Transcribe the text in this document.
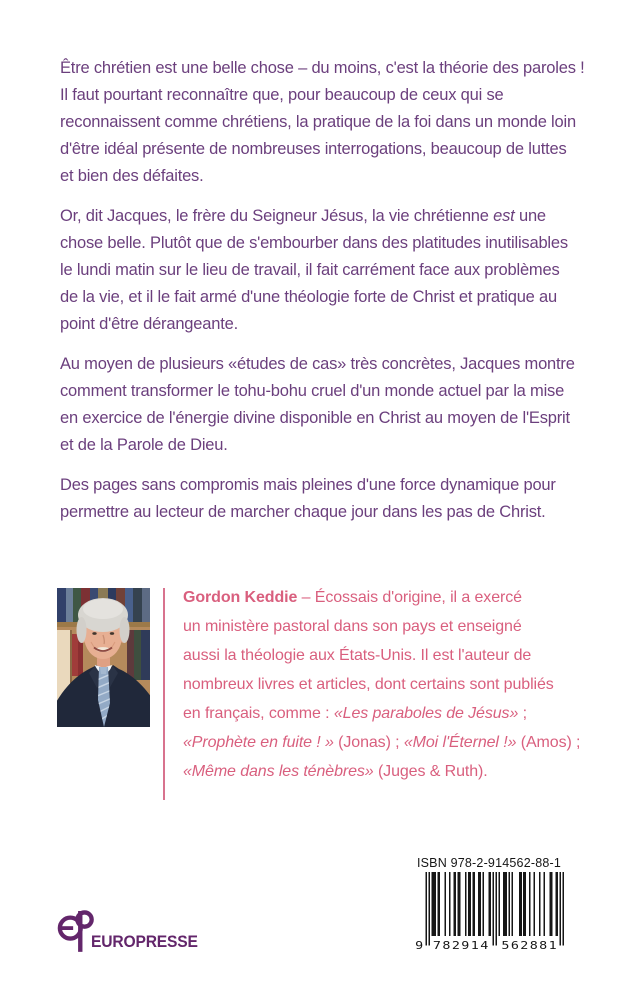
Être chrétien est une belle chose – du moins, c'est la théorie des paroles !
Il faut pourtant reconnaître que, pour beaucoup de ceux qui se
reconnaissent comme chrétiens, la pratique de la foi dans un monde loin
d'être idéal présente de nombreuses interrogations, beaucoup de luttes
et bien des défaites.

Or, dit Jacques, le frère du Seigneur Jésus, la vie chrétienne est une
chose belle. Plutôt que de s'embourber dans des platitudes inutilisables
le lundi matin sur le lieu de travail, il fait carrément face aux problèmes
de la vie, et il le fait armé d'une théologie forte de Christ et pratique au
point d'être dérangeante.

Au moyen de plusieurs «études de cas» très concrètes, Jacques montre
comment transformer le tohu-bohu cruel d'un monde actuel par la mise
en exercice de l'énergie divine disponible en Christ au moyen de l'Esprit
et de la Parole de Dieu.

Des pages sans compromis mais pleines d'une force dynamique pour
permettre au lecteur de marcher chaque jour dans les pas de Christ.

Gordon Keddie – Écossais d'origine, il a exercé
un ministère pastoral dans son pays et enseigné
aussi la théologie aux États-Unis. Il est l'auteur de
nombreux livres et articles, dont certains sont publiés
en français, comme : «Les paraboles de Jésus» ;
«Prophète en fuite ! » (Jonas) ; «Moi l'Éternel !» (Amos) ;
«Même dans les ténèbres» (Juges & Ruth).
EUROPRESSE
ISBN 978-2-914562-88-1
9 782914 562881
